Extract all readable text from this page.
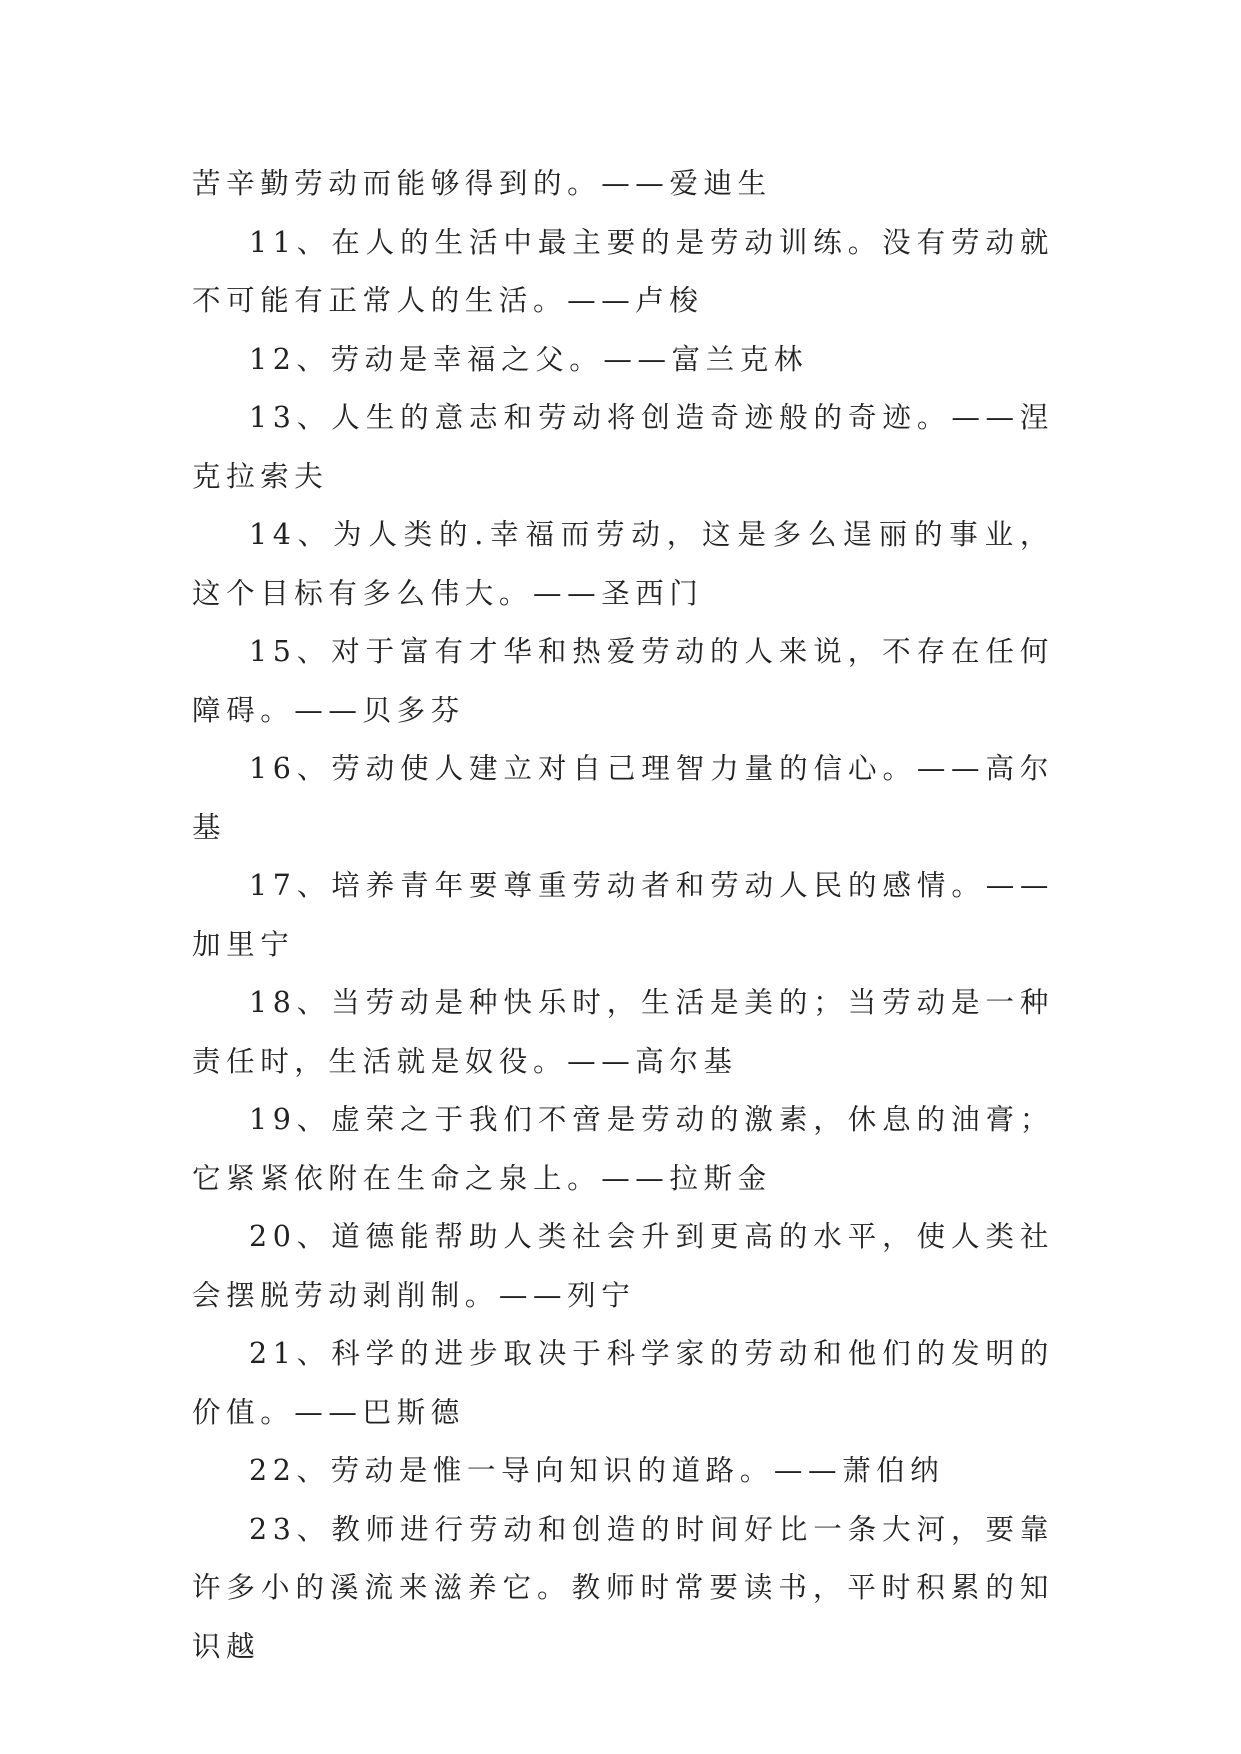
苦辛勤劳动而能够得到的。——爱迪生

11、在人的生活中最主要的是劳动训练。没有劳动就不可能有正常人的生活。——卢梭

12、劳动是幸福之父。——富兰克林

13、人生的意志和劳动将创造奇迹般的奇迹。——涅克拉索夫

14、为人类的.幸福而劳动，这是多么逞丽的事业，这个目标有多么伟大。——圣西门

15、对于富有才华和热爱劳动的人来说，不存在任何障碍。——贝多芬

16、劳动使人建立对自己理智力量的信心。——高尔基

17、培养青年要尊重劳动者和劳动人民的感情。——加里宁

18、当劳动是种快乐时，生活是美的；当劳动是一种责任时，生活就是奴役。——高尔基

19、虚荣之于我们不啻是劳动的激素，休息的油膏；它紧紧依附在生命之泉上。——拉斯金

20、道德能帮助人类社会升到更高的水平，使人类社会摆脱劳动剥削制。——列宁

21、科学的进步取决于科学家的劳动和他们的发明的价值。——巴斯德

22、劳动是惟一导向知识的道路。——萧伯纳

23、教师进行劳动和创造的时间好比一条大河，要靠许多小的溪流来滋养它。教师时常要读书，平时积累的知识越
